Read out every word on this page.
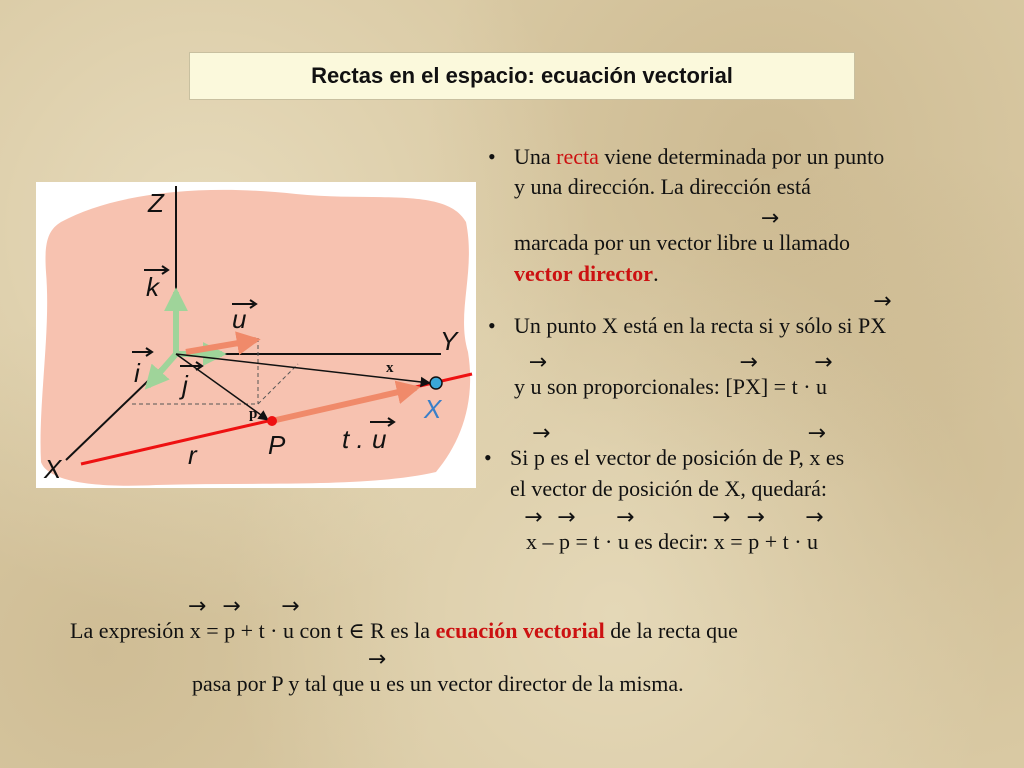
Rectas en el espacio: ecuación vectorial
Z
Y
X
k
i j
u
r	P t . u
X
x
p
• Una recta viene determinada por un punto
y una dirección. La dirección está
marcada por un vector libre → u llamado
vector director.
• Un punto X está en la recta si y sólo si → PX
y → u son proporcionales: [→ PX] = t · → u
• Si → p es el vector de posición de P, → x es
el vector de posición de X, quedará:
→ x – → p = t · → u es decir: → x = → p + t · → u
La expresión → x = → p + t · → u con t ∈ R es la ecuación vectorial de la recta que
pasa por P y tal que → u es un vector director de la misma.
